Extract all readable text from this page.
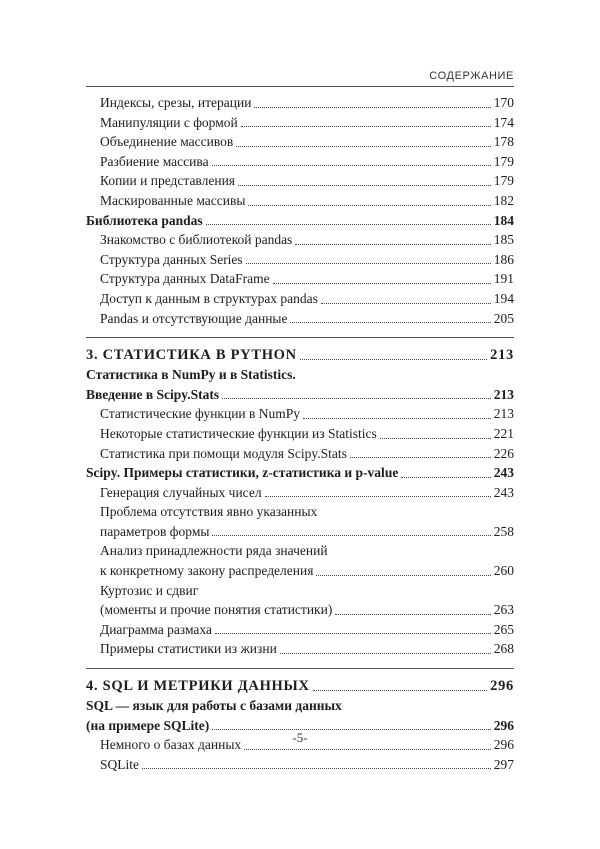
СОДЕРЖАНИЕ
Индексы, срезы, итерации	170
Манипуляции с формой	174
Объединение массивов	178
Разбиение массива	179
Копии и представления	179
Маскированные массивы	182
Библиотека pandas	184
Знакомство с библиотекой pandas	185
Структура данных Series	186
Структура данных DataFrame	191
Доступ к данным в структурах pandas	194
Pandas и отсутствующие данные	205
3. СТАТИСТИКА В PYTHON	213
Статистика в NumPy и в Statistics.
Введение в Scipy.Stats	213
Статистические функции в NumPy	213
Некоторые статистические функции из Statistics	221
Статистика при помощи модуля Scipy.Stats	226
Scipy. Примеры статистики, z-статистика и p-value	243
Генерация случайных чисел	243
Проблема отсутствия явно указанных
параметров формы	258
Анализ принадлежности ряда значений
к конкретному закону распределения	260
Куртозис и сдвиг
(моменты и прочие понятия статистики)	263
Диаграмма размаха	265
Примеры статистики из жизни	268
4. SQL И МЕТРИКИ ДАННЫХ	296
SQL — язык для работы с базами данных
(на примере SQLite)	296
Немного о базах данных	296
SQLite	297
-5-
